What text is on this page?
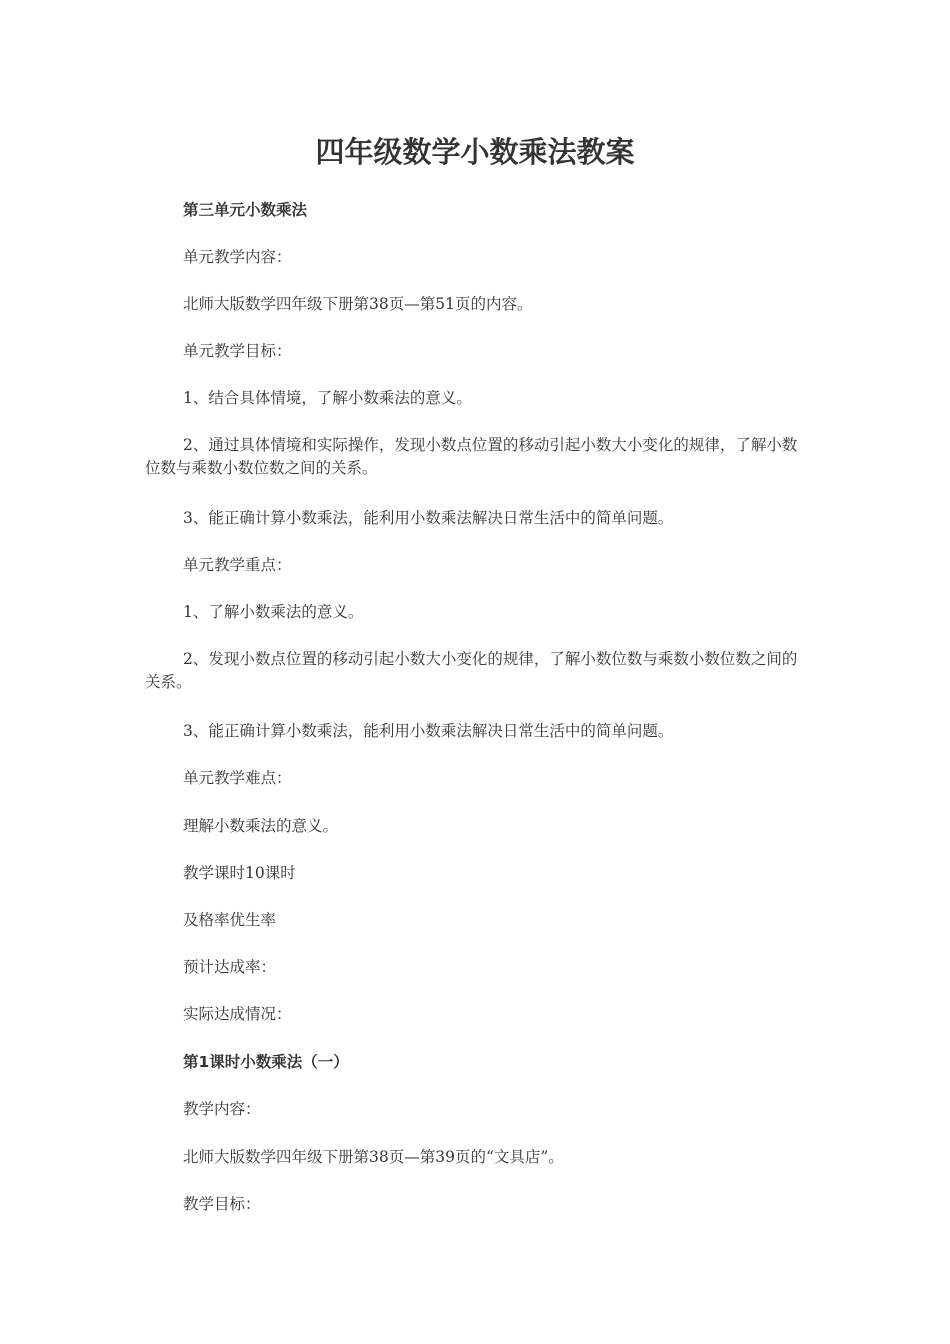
四年级数学小数乘法教案

第三单元小数乘法

单元教学内容：

北师大版数学四年级下册第38页—第51页的内容。

单元教学目标：

1、结合具体情境，了解小数乘法的意义。

2、通过具体情境和实际操作，发现小数点位置的移动引起小数大小变化的规律，了解小数位数与乘数小数位数之间的关系。

3、能正确计算小数乘法，能利用小数乘法解决日常生活中的简单问题。

单元教学重点：

1、了解小数乘法的意义。

2、发现小数点位置的移动引起小数大小变化的规律，了解小数位数与乘数小数位数之间的关系。

3、能正确计算小数乘法，能利用小数乘法解决日常生活中的简单问题。

单元教学难点：

理解小数乘法的意义。

教学课时10课时

及格率优生率

预计达成率：

实际达成情况：

第1课时小数乘法（一）

教学内容：

北师大版数学四年级下册第38页—第39页的“文具店”。

教学目标：
